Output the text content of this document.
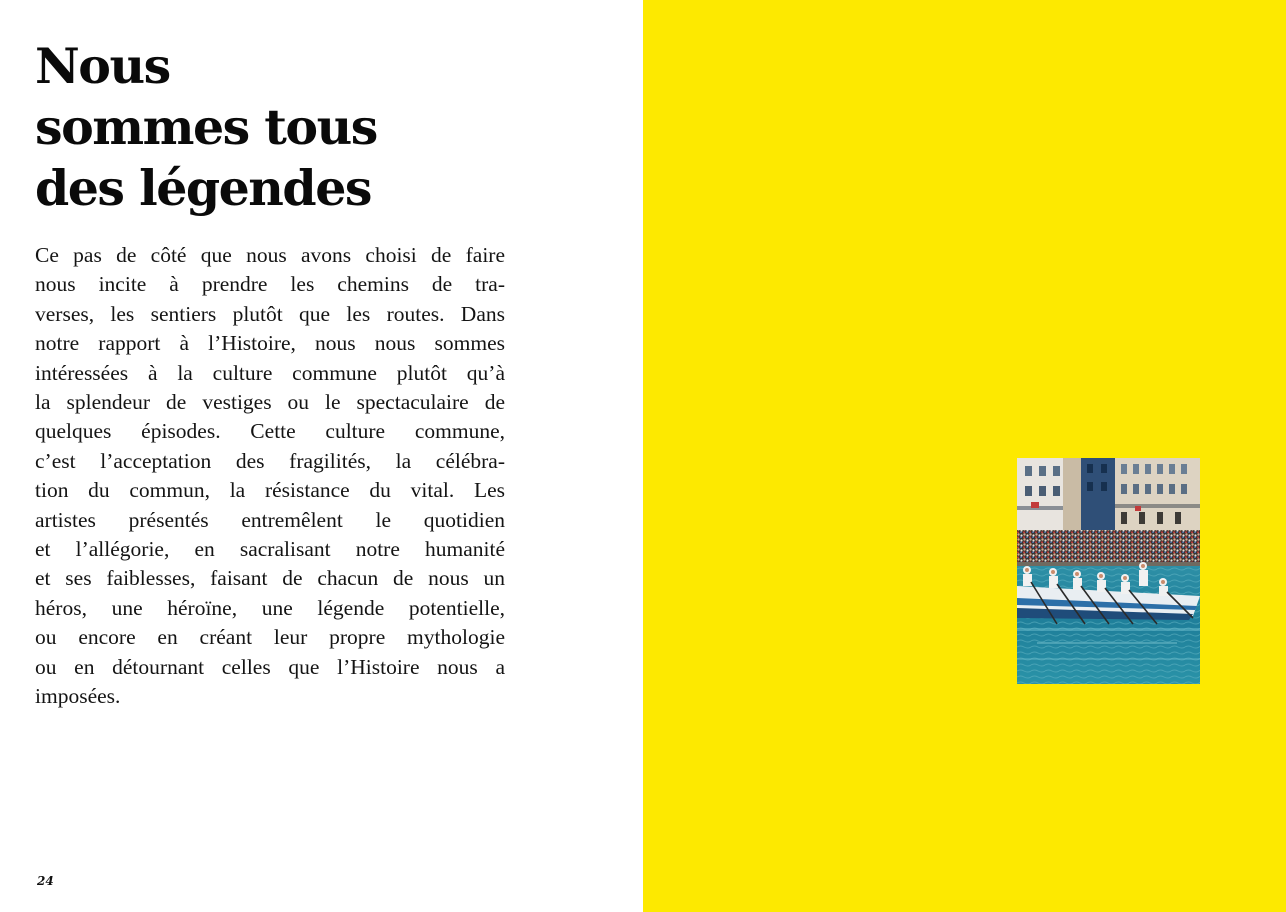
Nous
sommes tous
des légendes

Ce pas de côté que nous avons choisi de faire
nous incite à prendre les chemins de tra-
verses, les sentiers plutôt que les routes. Dans
notre rapport à l’Histoire, nous nous sommes
intéressées à la culture commune plutôt qu’à
la splendeur de vestiges ou le spectaculaire de
quelques épisodes. Cette culture commune,
c’est l’acceptation des fragilités, la célébra-
tion du commun, la résistance du vital. Les
artistes présentés entremêlent le quotidien
et l’allégorie, en sacralisant notre humanité
et ses faiblesses, faisant de chacun de nous un
héros, une héroïne, une légende potentielle,
ou encore en créant leur propre mythologie
ou en détournant celles que l’Histoire nous a
imposées.

24
